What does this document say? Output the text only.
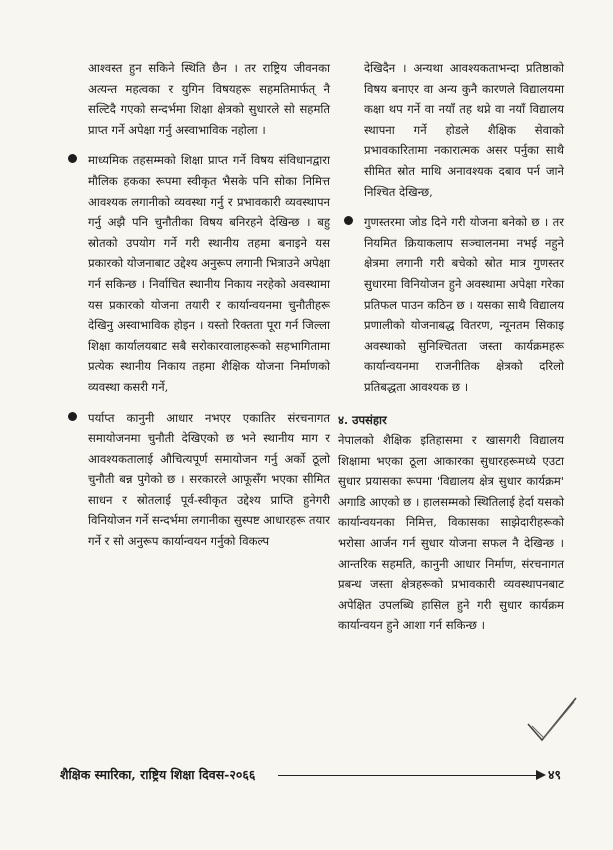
आश्वस्त हुन सकिने स्थिति छैन । तर राष्ट्रिय जीवनका अत्यन्त महत्वका र युगिन विषयहरू सहमतिमार्फत् नै सल्टिदै गएको सन्दर्भमा शिक्षा क्षेत्रको सुधारले सो सहमति प्राप्त गर्ने अपेक्षा गर्नु अस्वाभाविक नहोला ।

माध्यमिक तहसम्मको शिक्षा प्राप्त गर्ने विषय संविधानद्वारा मौलिक हकका रूपमा स्वीकृत भैसके पनि सोका निमित्त आवश्यक लगानीको व्यवस्था गर्नु र प्रभावकारी व्यवस्थापन गर्नु अझै पनि चुनौतीका विषय बनिरहने देखिन्छ । बहु स्रोतको उपयोग गर्ने गरी स्थानीय तहमा बनाइने यस प्रकारको योजनाबाट उद्देश्य अनुरूप लगानी भित्राउने अपेक्षा गर्न सकिन्छ । निर्वाचित स्थानीय निकाय नरहेको अवस्थामा यस प्रकारको योजना तयारी र कार्यान्वयनमा चुनौतीहरू देखिनु अस्वाभाविक होइन । यस्तो रिक्तता पूरा गर्न जिल्ला शिक्षा कार्यालयबाट सबै सरोकारवालाहरूको सहभागितामा प्रत्येक स्थानीय निकाय तहमा शैक्षिक योजना निर्माणको व्यवस्था कसरी गर्ने,

पर्याप्त कानुनी आधार नभएर एकातिर संरचनागत समायोजनमा चुनौती देखिएको छ भने स्थानीय माग र आवश्यकतालाई औचित्यपूर्ण समायोजन गर्नु अर्को ठूलो चुनौती बन्न पुगेको छ । सरकारले आफूसँग भएका सीमित साधन र स्रोतलाई पूर्व-स्वीकृत उद्देश्य प्राप्ति हुनेगरी विनियोजन गर्ने सन्दर्भमा लगानीका सुस्पष्ट आधारहरू तयार गर्ने र सो अनुरूप कार्यान्वयन गर्नुको विकल्प

देखिदैन । अन्यथा आवश्यकताभन्दा प्रतिष्ठाको विषय बनाएर वा अन्य कुनै कारणले विद्यालयमा कक्षा थप गर्ने वा नयाँ तह थप्ने वा नयाँ विद्यालय स्थापना गर्ने होडले शैक्षिक सेवाको प्रभावकारितामा नकारात्मक असर पर्नुका साथै सीमित स्रोत माथि अनावश्यक दबाव पर्न जाने निश्चित देखिन्छ,

गुणस्तरमा जोड दिने गरी योजना बनेको छ । तर नियमित क्रियाकलाप सञ्चालनमा नभई नहुने क्षेत्रमा लगानी गरी बचेको स्रोत मात्र गुणस्तर सुधारमा विनियोजन हुने अवस्थामा अपेक्षा गरेका प्रतिफल पाउन कठिन छ । यसका साथै विद्यालय प्रणालीको योजनाबद्ध वितरण, न्यूनतम सिकाइ अवस्थाको सुनिश्चितता जस्ता कार्यक्रमहरू कार्यान्वयनमा राजनीतिक क्षेत्रको दरिलो प्रतिबद्धता आवश्यक छ ।

४. उपसंहार

नेपालको शैक्षिक इतिहासमा र खासगरी विद्यालय शिक्षामा भएका ठूला आकारका सुधारहरूमध्ये एउटा सुधार प्रयासका रूपमा 'विद्यालय क्षेत्र सुधार कार्यक्रम' अगाडि आएको छ । हालसम्मको स्थितिलाई हेर्दा यसको कार्यान्वयनका निमित्त, विकासका साझेदारीहरूको भरोसा आर्जन गर्न सुधार योजना सफल नै देखिन्छ । आन्तरिक सहमति, कानुनी आधार निर्माण, संरचनागत प्रबन्ध जस्ता क्षेत्रहरूको प्रभावकारी व्यवस्थापनबाट अपेक्षित उपलब्धि हासिल हुने गरी सुधार कार्यक्रम कार्यान्वयन हुने आशा गर्न सकिन्छ ।

शैक्षिक स्मारिका, राष्ट्रिय शिक्षा दिवस-२०६६	४९
